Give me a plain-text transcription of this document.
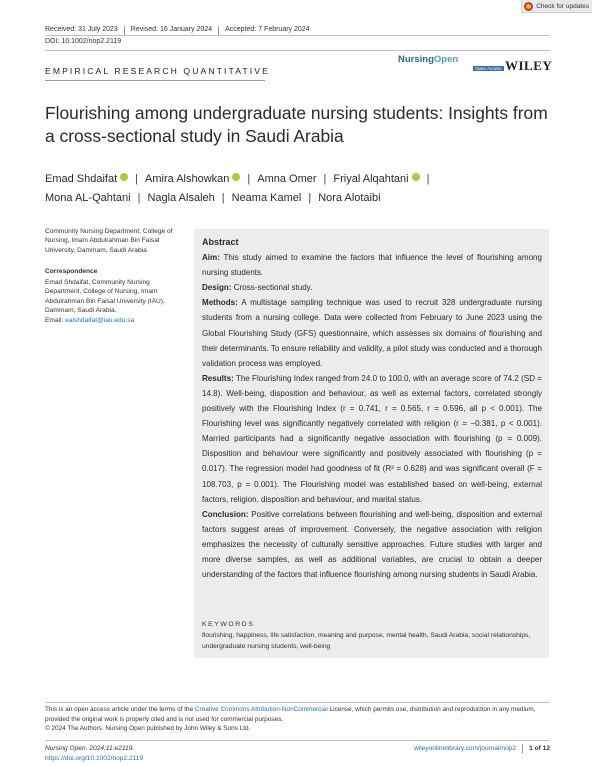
Check for updates
Received: 31 July 2023 Revised: 16 January 2024 Accepted: 7 February 2024
DOI: 10.1002/nop2.2119
EMPIRICAL RESEARCH QUANTITATIVE
NursingOpen
Open Access WILEY
Flourishing among undergraduate nursing students: Insights from a cross-sectional study in Saudi Arabia
Emad Shdaifat | Amira Alshowkan | Amna Omer | Friyal Alqahtani |
Mona AL-Qahtani | Nagla Alsaleh | Neama Kamel | Nora Alotaibi
Community Nursing Department, College of Nursing, Imam Abdulrahman Bin Faisal University, Dammam, Saudi Arabia
Correspondence
Emad Shdaifat, Community Nursing Department, College of Nursing, Imam Abdulrahman Bin Faisal University (IAU), Dammam, Saudi Arabia.
Email: ealshdaifat@iau.edu.sa

Abstract

Aim: This study aimed to examine the factors that influence the level of flourishing among nursing students.

Design: Cross-sectional study.

Methods: A multistage sampling technique was used to recruit 328 undergraduate nursing students from a nursing college. Data were collected from February to June 2023 using the Global Flourishing Study (GFS) questionnaire, which assesses six domains of flourishing and their determinants. To ensure reliability and validity, a pilot study was conducted and a thorough validation process was employed.

Results: The Flourishing Index ranged from 24.0 to 100.0, with an average score of 74.2 (SD = 14.8). Well-being, disposition and behaviour, as well as external factors, correlated strongly positively with the Flourishing Index (r = 0.741, r = 0.565, r = 0.596, all p < 0.001). The Flourishing level was significantly negatively correlated with religion (r = −0.381, p < 0.001). Married participants had a significantly negative association with flourishing (p = 0.009). Disposition and behaviour were significantly and positively associated with flourishing (p = 0.017). The regression model had goodness of fit (R² = 0.628) and was significant overall (F = 108.703, p = 0.001). The Flourishing model was established based on well-being, external factors, religion, disposition and behaviour, and marital status.

Conclusion: Positive correlations between flourishing and well-being, disposition and external factors suggest areas of improvement. Conversely, the negative association with religion emphasizes the necessity of culturally sensitive approaches. Future studies with larger and more diverse samples, as well as additional variables, are crucial to obtain a deeper understanding of the factors that influence flourishing among nursing students in Saudi Arabia.

KEYWORDS
flourishing, happiness, life satisfaction, meaning and purpose, mental health, Saudi Arabia, social relationships, undergraduate nursing students, well-being
This is an open access article under the terms of the Creative Commons Attribution-NonCommercial License, which permits use, distribution and reproduction in any medium, provided the original work is properly cited and is not used for commercial purposes.
© 2024 The Authors. Nursing Open published by John Wiley & Sons Ltd.
Nursing Open. 2024;11:e2119.
https://doi.org/10.1002/nop2.2119
wileyonlinelibrary.com/journal/nop2 1 of 12
